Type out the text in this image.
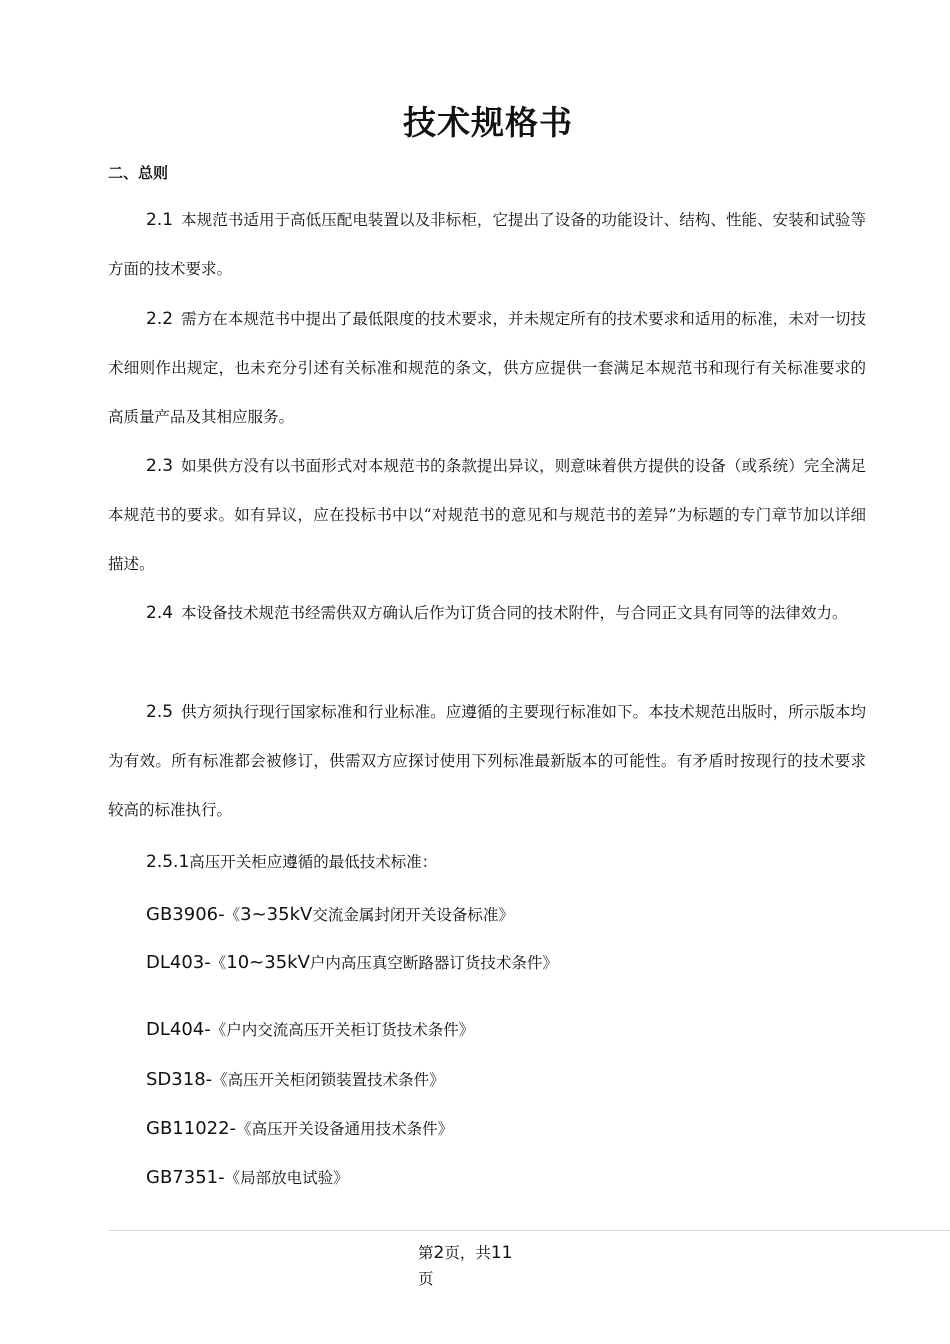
技术规格书
二、总则
2.1 本规范书适用于高低压配电装置以及非标柜，它提出了设备的功能设计、结构、性能、安装和试验等方面的技术要求。
2.2 需方在本规范书中提出了最低限度的技术要求，并未规定所有的技术要求和适用的标准，未对一切技术细则作出规定，也未充分引述有关标准和规范的条文，供方应提供一套满足本规范书和现行有关标准要求的高质量产品及其相应服务。
2.3 如果供方没有以书面形式对本规范书的条款提出异议，则意味着供方提供的设备（或系统）完全满足本规范书的要求。如有异议，应在投标书中以“对规范书的意见和与规范书的差异”为标题的专门章节加以详细描述。
2.4 本设备技术规范书经需供双方确认后作为订货合同的技术附件，与合同正文具有同等的法律效力。
2.5 供方须执行现行国家标准和行业标准。应遵循的主要现行标准如下。本技术规范出版时，所示版本均为有效。所有标准都会被修订，供需双方应探讨使用下列标准最新版本的可能性。有矛盾时按现行的技术要求较高的标准执行。
2.5.1高压开关柜应遵循的最低技术标准：
GB3906-《3~35kV交流金属封闭开关设备标准》
DL403-《10~35kV户内高压真空断路器订货技术条件》
DL404-《户内交流高压开关柜订货技术条件》
SD318-《高压开关柜闭锁装置技术条件》
GB11022-《高压开关设备通用技术条件》
GB7351-《局部放电试验》
第2页，共11
页
